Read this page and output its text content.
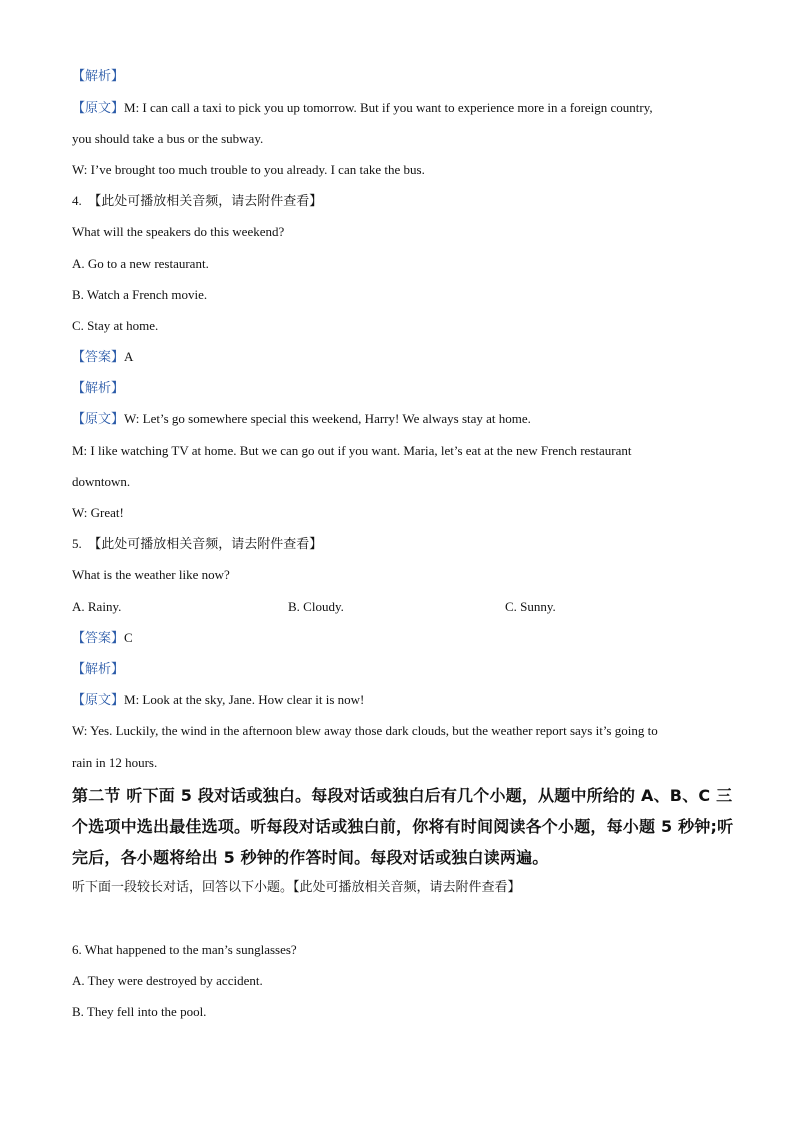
【解析】
【原文】M: I can call a taxi to pick you up tomorrow. But if you want to experience more in a foreign country,
you should take a bus or the subway.
W: I’ve brought too much trouble to you already. I can take the bus.
4. 【此处可播放相关音频，请去附件查看】
What will the speakers do this weekend?
A. Go to a new restaurant.
B. Watch a French movie.
C. Stay at home.
【答案】A
【解析】
【原文】W: Let’s go somewhere special this weekend, Harry! We always stay at home.
M: I like watching TV at home. But we can go out if you want. Maria, let’s eat at the new French restaurant
downtown.
W: Great!
5. 【此处可播放相关音频，请去附件查看】
What is the weather like now?
A. Rainy.	B. Cloudy.	C. Sunny.
【答案】C
【解析】
【原文】M: Look at the sky, Jane. How clear it is now!
W: Yes. Luckily, the wind in the afternoon blew away those dark clouds, but the weather report says it’s going to
rain in 12 hours.
第二节 听下面 5 段对话或独白。每段对话或独白后有几个小题，从题中所给的 A、B、C 三
个选项中选出最佳选项。听每段对话或独白前，你将有时间阅读各个小题，每小题 5 秒钟;听
完后，各小题将给出 5 秒钟的作答时间。每段对话或独白读两遍。
听下面一段较长对话，回答以下小题。【此处可播放相关音频，请去附件查看】
6. What happened to the man’s sunglasses?
A. They were destroyed by accident.
B. They fell into the pool.
